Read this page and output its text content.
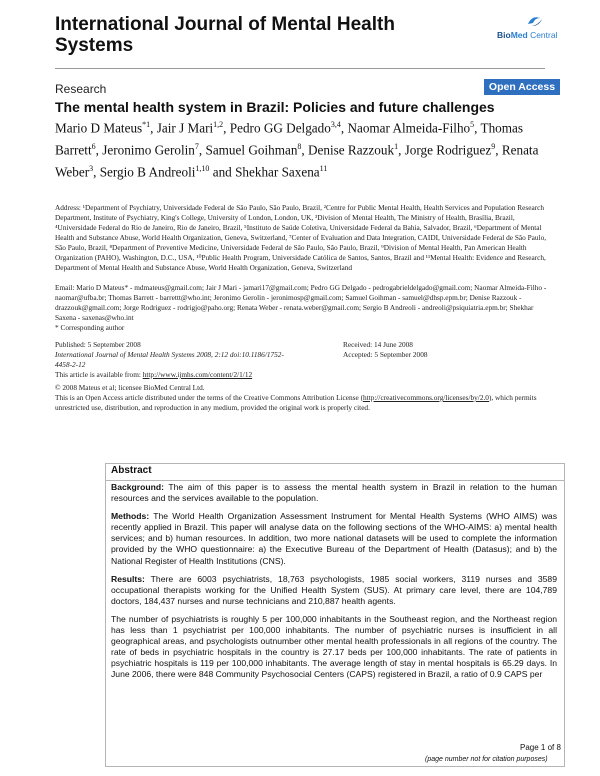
International Journal of Mental Health Systems	BioMed Central
Research	Open Access
The mental health system in Brazil: Policies and future challenges
Mario D Mateus$^{*1}$, Jair J Mari$^{1,2}$, Pedro GG Delgado$^{3,4}$, Naomar Almeida-Filho$^5$, Thomas Barrett$^6$, Jeronimo Gerolin$^7$, Samuel Goihman$^8$, Denise Razzouk$^1$, Jorge Rodriguez$^9$, Renata Weber$^3$, Sergio B Andreoli$^{1,10}$ and Shekhar Saxena$^{11}$
Address: ¹Department of Psychiatry, Universidade Federal de São Paulo, São Paulo, Brazil, ²Centre for Public Mental Health, Health Services and Population Research Department, Institute of Psychiatry, King's College, University of London, London, UK, ³Division of Mental Health, The Ministry of Health, Brasília, Brazil, ⁴Universidade Federal do Rio de Janeiro, Rio de Janeiro, Brazil, ⁵Instituto de Saúde Coletiva, Universidade Federal da Bahia, Salvador, Brazil, ⁶Department of Mental Health and Substance Abuse, World Health Organization, Geneva, Switzerland, ⁷Center of Evaluation and Data Integration, CAIDI, Universidade Federal de São Paulo, São Paulo, Brazil, ⁸Department of Preventive Medicine, Universidade Federal de São Paulo, São Paulo, Brazil, ⁹Division of Mental Health, Pan American Health Organization (PAHO), Washington, D.C., USA, ¹⁰Public Health Program, Universidade Católica de Santos, Santos, Brazil and ¹¹Mental Health: Evidence and Research, Department of Mental Health and Substance Abuse, World Health Organization, Geneva, Switzerland
Email: Mario D Mateus* - mdmateus@gmail.com; Jair J Mari - jamari17@gmail.com; Pedro GG Delgado - pedrogabrieldelgado@gmail.com; Naomar Almeida-Filho - naomar@ufba.br; Thomas Barrett - barrettt@who.int; Jeronimo Gerolin - jeronimosp@gmail.com; Samuel Goihman - samuel@dhsp.epm.br; Denise Razzouk - drazzouk@gmail.com; Jorge Rodriguez - rodrigjo@paho.org; Renata Weber - renata.weber@gmail.com; Sergio B Andreoli - andreoli@psiquiatria.epm.br; Shekhar Saxena - saxenas@who.int
* Corresponding author
Published: 5 September 2008
International Journal of Mental Health Systems 2008, 2:12 doi:10.1186/1752-4458-2-12
Received: 14 June 2008
Accepted: 5 September 2008
This article is available from: http://www.ijmhs.com/content/2/1/12
© 2008 Mateus et al; licensee BioMed Central Ltd.
This is an Open Access article distributed under the terms of the Creative Commons Attribution License (http://creativecommons.org/licenses/by/2.0), which permits unrestricted use, distribution, and reproduction in any medium, provided the original work is properly cited.
Abstract

Background: The aim of this paper is to assess the mental health system in Brazil in relation to the human resources and the services available to the population.

Methods: The World Health Organization Assessment Instrument for Mental Health Systems (WHO AIMS) was recently applied in Brazil. This paper will analyse data on the following sections of the WHO-AIMS: a) mental health services; and b) human resources. In addition, two more national datasets will be used to complete the information provided by the WHO questionnaire: a) the Executive Bureau of the Department of Health (Datasus); and b) the National Register of Health Institutions (CNS).

Results: There are 6003 psychiatrists, 18,763 psychologists, 1985 social workers, 3119 nurses and 3589 occupational therapists working for the Unified Health System (SUS). At primary care level, there are 104,789 doctors, 184,437 nurses and nurse technicians and 210,887 health agents.

The number of psychiatrists is roughly 5 per 100,000 inhabitants in the Southeast region, and the Northeast region has less than 1 psychiatrist per 100,000 inhabitants. The number of psychiatric nurses is insufficient in all geographical areas, and psychologists outnumber other mental health professionals in all regions of the country. The rate of beds in psychiatric hospitals in the country is 27.17 beds per 100,000 inhabitants. The rate of patients in psychiatric hospitals is 119 per 100,000 inhabitants. The average length of stay in mental hospitals is 65.29 days. In June 2006, there were 848 Community Psychosocial Centers (CAPS) registered in Brazil, a ratio of 0.9 CAPS per

Page 1 of 8
(page number not for citation purposes)
